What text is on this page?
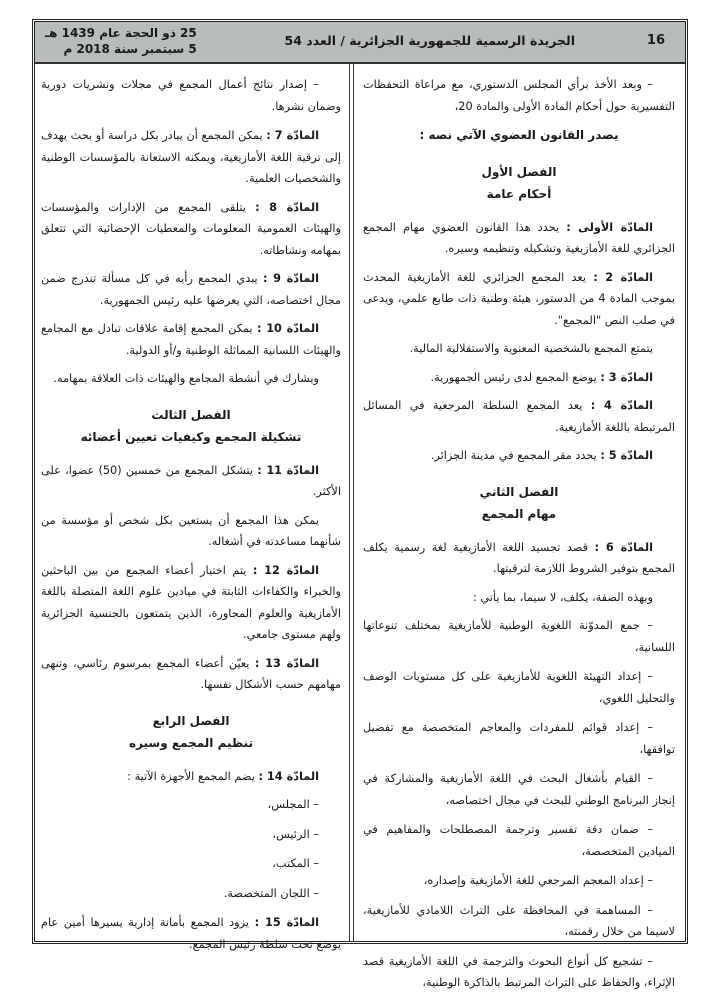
16
الجريدة الرسمية للجمهورية الجزائرية / العدد 54
25 ذو الحجة عام 1439 هـ
5 سبتمبر سنة 2018 م

– وبعد الأخذ برأي المجلس الدستوري، مع مراعاة التحفظات التفسيرية حول أحكام المادة الأولى والمادة 20،

يصدر القانون العضوي الآتي نصه :

الفصل الأول
أحكام عامة

المادّة الأولى : يحدد هذا القانون العضوي مهام المجمع الجزائري للغة الأمازيغية وتشكيله وتنظيمه وسيره.

المادّة 2 : يعد المجمع الجزائري للغة الأمازيغية المحدث بموجب المادة 4 من الدستور، هيئة وطنية ذات طابع علمي، ويدعى في صلب النص "المجمع".

يتمتع المجمع بالشخصية المعنوية والاستقلالية المالية.

المادّة 3 : يوضع المجمع لدى رئيس الجمهورية.

المادّة 4 : يعد المجمع السلطة المرجعية في المسائل المرتبطة باللغة الأمازيغية.

المادّة 5 : يحدد مقر المجمع في مدينة الجزائر.

الفصل الثاني
مهام المجمع

المادّة 6 : قصد تجسيد اللغة الأمازيغية لغة رسمية يكلف المجمع بتوفير الشروط اللازمة لترقيتها.

وبهذه الصفة، يكلف، لا سيما، بما يأتي :

– جمع المدوّنة اللغوية الوطنية للأمازيغية بمختلف تنوعاتها اللسانية،

– إعداد التهيئة اللغوية للأمازيغية على كل مستويات الوصف والتحليل اللغوي،

– إعداد قوائم للمفردات والمعاجم المتخصصة مع تفضيل توافقها،

– القيام بأشغال البحث في اللغة الأمازيغية والمشاركة في إنجاز البرنامج الوطني للبحث في مجال اختصاصه،

– ضمان دقة تفسير وترجمة المصطلحات والمفاهيم في الميادين المتخصصة،

– إعداد المعجم المرجعي للغة الأمازيغية وإصداره،

– المساهمة في المحافظة على التراث اللامادي للأمازيغية، لاسيما من خلال رقمنته،

– تشجيع كل أنواع البحوث والترجمة في اللغة الأمازيغية قصد الإثراء، والحفاظ على التراث المرتبط بالذاكرة الوطنية،

– إصدار نتائج أعمال المجمع في مجلات ونشريات دورية وضمان نشرها.

المادّة 7 : يمكن المجمع أن يبادر بكل دراسة أو بحث يهدف إلى ترقية اللغة الأمازيغية، ويمكنه الاستعانة بالمؤسسات الوطنية والشخصيات العلمية.

المادّة 8 : يتلقى المجمع من الإدارات والمؤسسات والهيئات العمومية المعلومات والمعطيات الإحصائية التي تتعلق بمهامه ونشاطاته.

المادّة 9 : يبدي المجمع رأيه في كل مسألة تندرج ضمن مجال اختصاصه، التي يعرضها عليه رئيس الجمهورية.

المادّة 10 : يمكن المجمع إقامة علاقات تبادل مع المجامع والهيئات اللسانية المماثلة الوطنية و/أو الدولية.

ويشارك في أنشطة المجامع والهيئات ذات العلاقة بمهامه.

الفصل الثالث
تشكيلة المجمع وكيفيات تعيين أعضائه

المادّة 11 : يتشكل المجمع من خمسين (50) عضوا، على الأكثر.

يمكن هذا المجمع أن يستعين بكل شخص أو مؤسسة من شأنهما مساعدته في أشغاله.

المادّة 12 : يتم اختيار أعضاء المجمع من بين الباحثين والخبراء والكفاءات الثابتة في ميادين علوم اللغة المتصلة باللغة الأمازيغية والعلوم المجاورة، الذين يتمتعون بالجنسية الجزائرية ولهم مستوى جامعي.

المادّة 13 : يعيّن أعضاء المجمع بمرسوم رئاسي، وتنهى مهامهم حسب الأشكال نفسها.

الفصل الرابع
تنظيم المجمع وسيره

المادّة 14 : يضم المجمع الأجهزة الآتية :

– المجلس،

– الرئيس،

– المكتب،

– اللجان المتخصصة.

المادّة 15 : يزود المجمع بأمانة إدارية يسيرها أمين عام يوضع تحت سلطة رئيس المجمع.
